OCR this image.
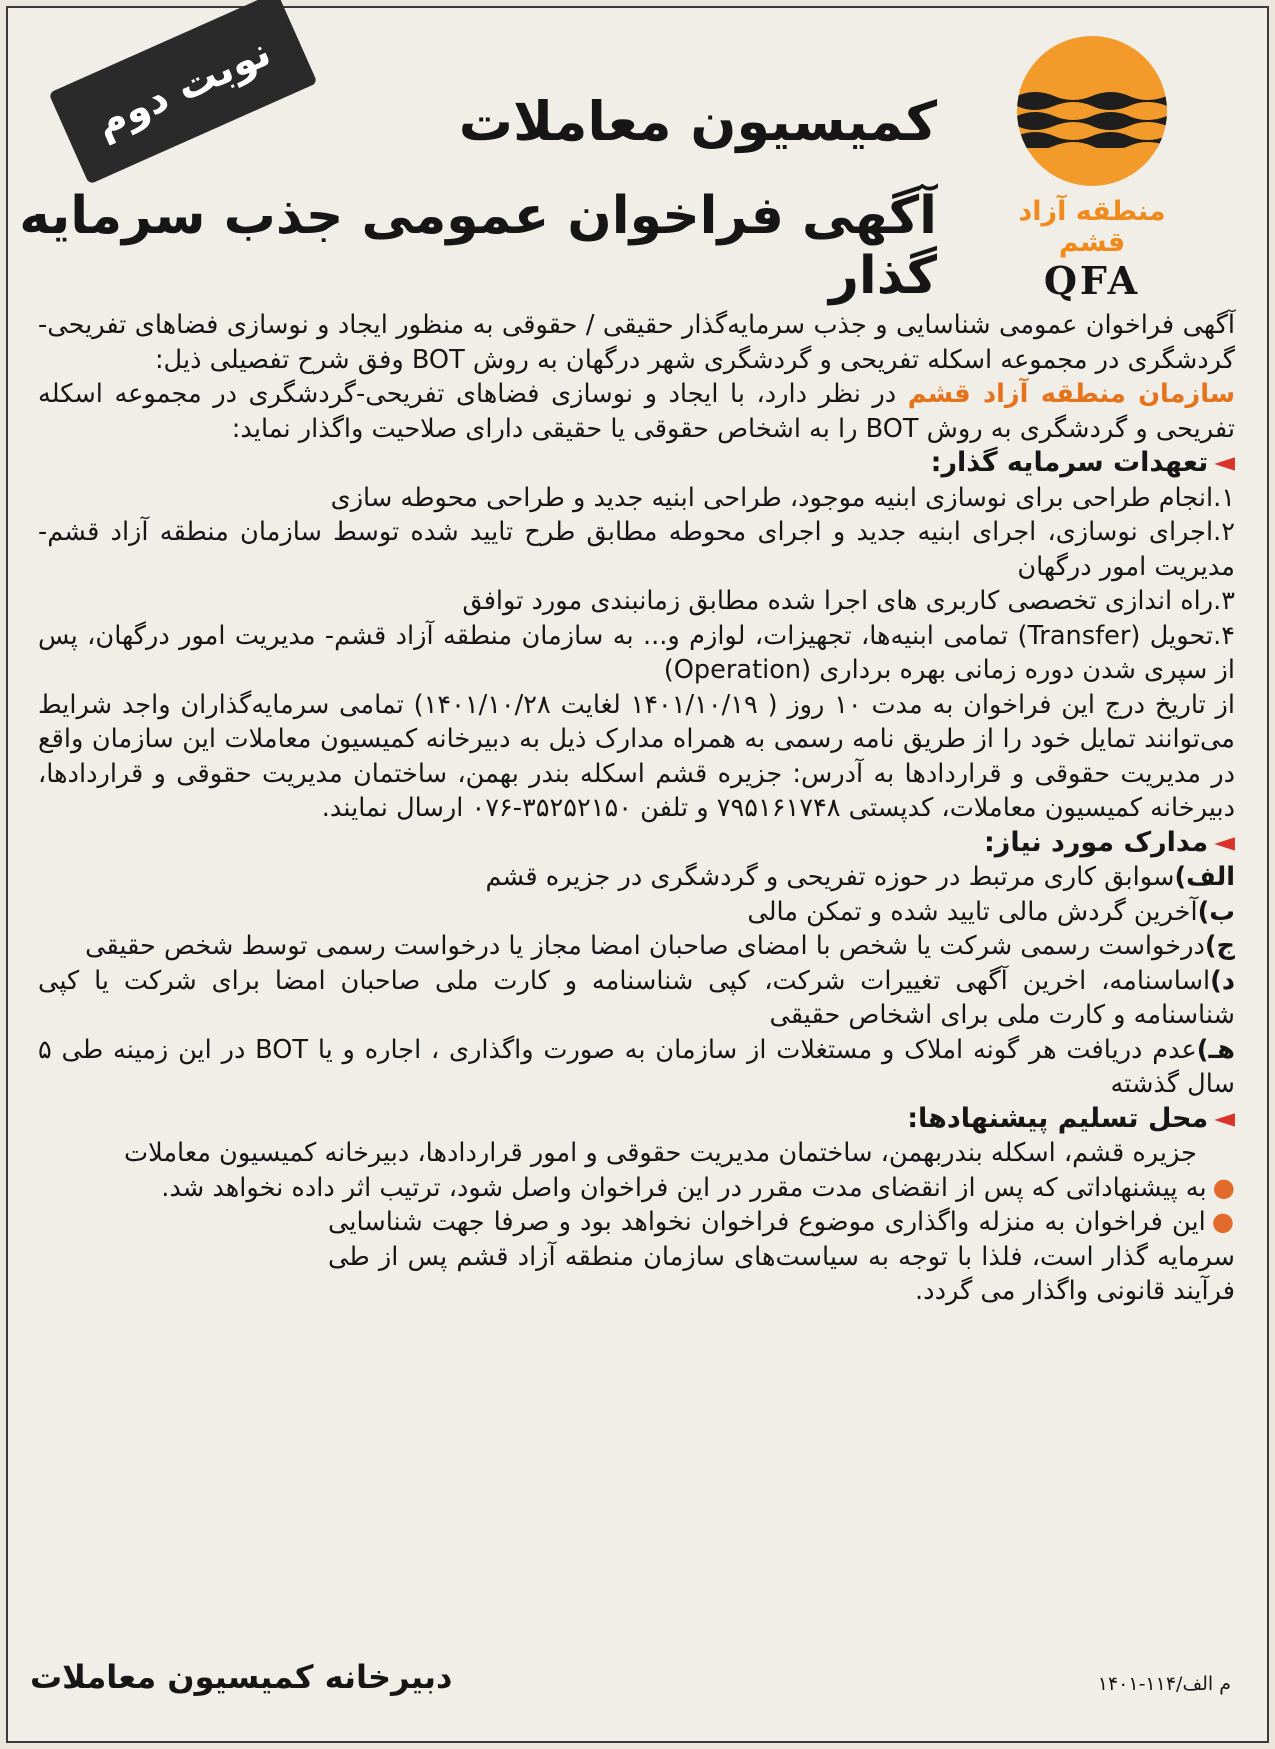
نوبت دوم
منطقه آزاد قشم
QFA
کمیسیون معاملات
آگهی فراخوان عمومی جذب سرمایه گذار

آگهی فراخوان عمومی شناسایی و جذب سرمایه‌گذار حقیقی / حقوقی به منظور ایجاد و نوسازی فضاهای تفریحی-گردشگری در مجموعه اسکله تفریحی و گردشگری شهر درگهان به روش BOT وفق شرح تفصیلی ذیل:

سازمان منطقه آزاد قشم در نظر دارد، با ایجاد و نوسازی فضاهای تفریحی-گردشگری در مجموعه اسکله تفریحی و گردشگری به روش BOT را به اشخاص حقوقی یا حقیقی دارای صلاحیت واگذار نماید:

◄تعهدات سرمایه گذار:

۱.انجام طراحی برای نوسازی ابنیه موجود، طراحی ابنیه جدید و طراحی محوطه سازی

۲.اجرای نوسازی، اجرای ابنیه جدید و اجرای محوطه مطابق طرح تایید شده توسط سازمان منطقه آزاد قشم- مدیریت امور درگهان

۳.راه اندازی تخصصی کاربری های اجرا شده مطابق زمانبندی مورد توافق

۴.تحویل (Transfer) تمامی ابنیه‌ها، تجهیزات، لوازم و... به سازمان منطقه آزاد قشم- مدیریت امور درگهان، پس از سپری شدن دوره زمانی بهره برداری (Operation)

از تاریخ درج این فراخوان به مدت ۱۰ روز ( ۱۴۰۱/۱۰/۱۹ لغایت ۱۴۰۱/۱۰/۲۸) تمامی سرمایه‌گذاران واجد شرایط می‌توانند تمایل خود را از طریق نامه رسمی به همراه مدارک ذیل به دبیرخانه کمیسیون معاملات این سازمان واقع در مدیریت حقوقی و قراردادها به آدرس: جزیره قشم اسکله بندر بهمن، ساختمان مدیریت حقوقی و قراردادها، دبیرخانه کمیسیون معاملات، کدپستی ۷۹۵۱۶۱۷۴۸ و تلفن ۳۵۲۵۲۱۵۰-۰۷۶ ارسال نمایند.

◄مدارک مورد نیاز:

الف)سوابق کاری مرتبط در حوزه تفریحی و گردشگری در جزیره قشم

ب)آخرین گردش مالی تایید شده و تمکن مالی

ج)درخواست رسمی شرکت یا شخص با امضای صاحبان امضا مجاز یا درخواست رسمی توسط شخص حقیقی

د)اساسنامه، اخرین آگهی تغییرات شرکت، کپی شناسنامه و کارت ملی صاحبان امضا برای شرکت یا کپی شناسنامه و کارت ملی برای اشخاص حقیقی

هـ)عدم دریافت هر گونه املاک و مستغلات از سازمان به صورت واگذاری ، اجاره و یا BOT در این زمینه طی ۵ سال گذشته

◄محل تسلیم پیشنهادها:

جزیره قشم، اسکله بندربهمن، ساختمان مدیریت حقوقی و امور قراردادها، دبیرخانه کمیسیون معاملات

●به پیشنهاداتی که پس از انقضای مدت مقرر در این فراخوان واصل شود، ترتیب اثر داده نخواهد شد.

●این فراخوان به منزله واگذاری موضوع فراخوان نخواهد بود و صرفا جهت شناسایی سرمایه گذار است، فلذا با توجه به سیاست‌های سازمان منطقه آزاد قشم پس از طی فرآیند قانونی واگذار می گردد.

دبیرخانه کمیسیون معاملات	م الف/۱۱۴-۱۴۰۱
